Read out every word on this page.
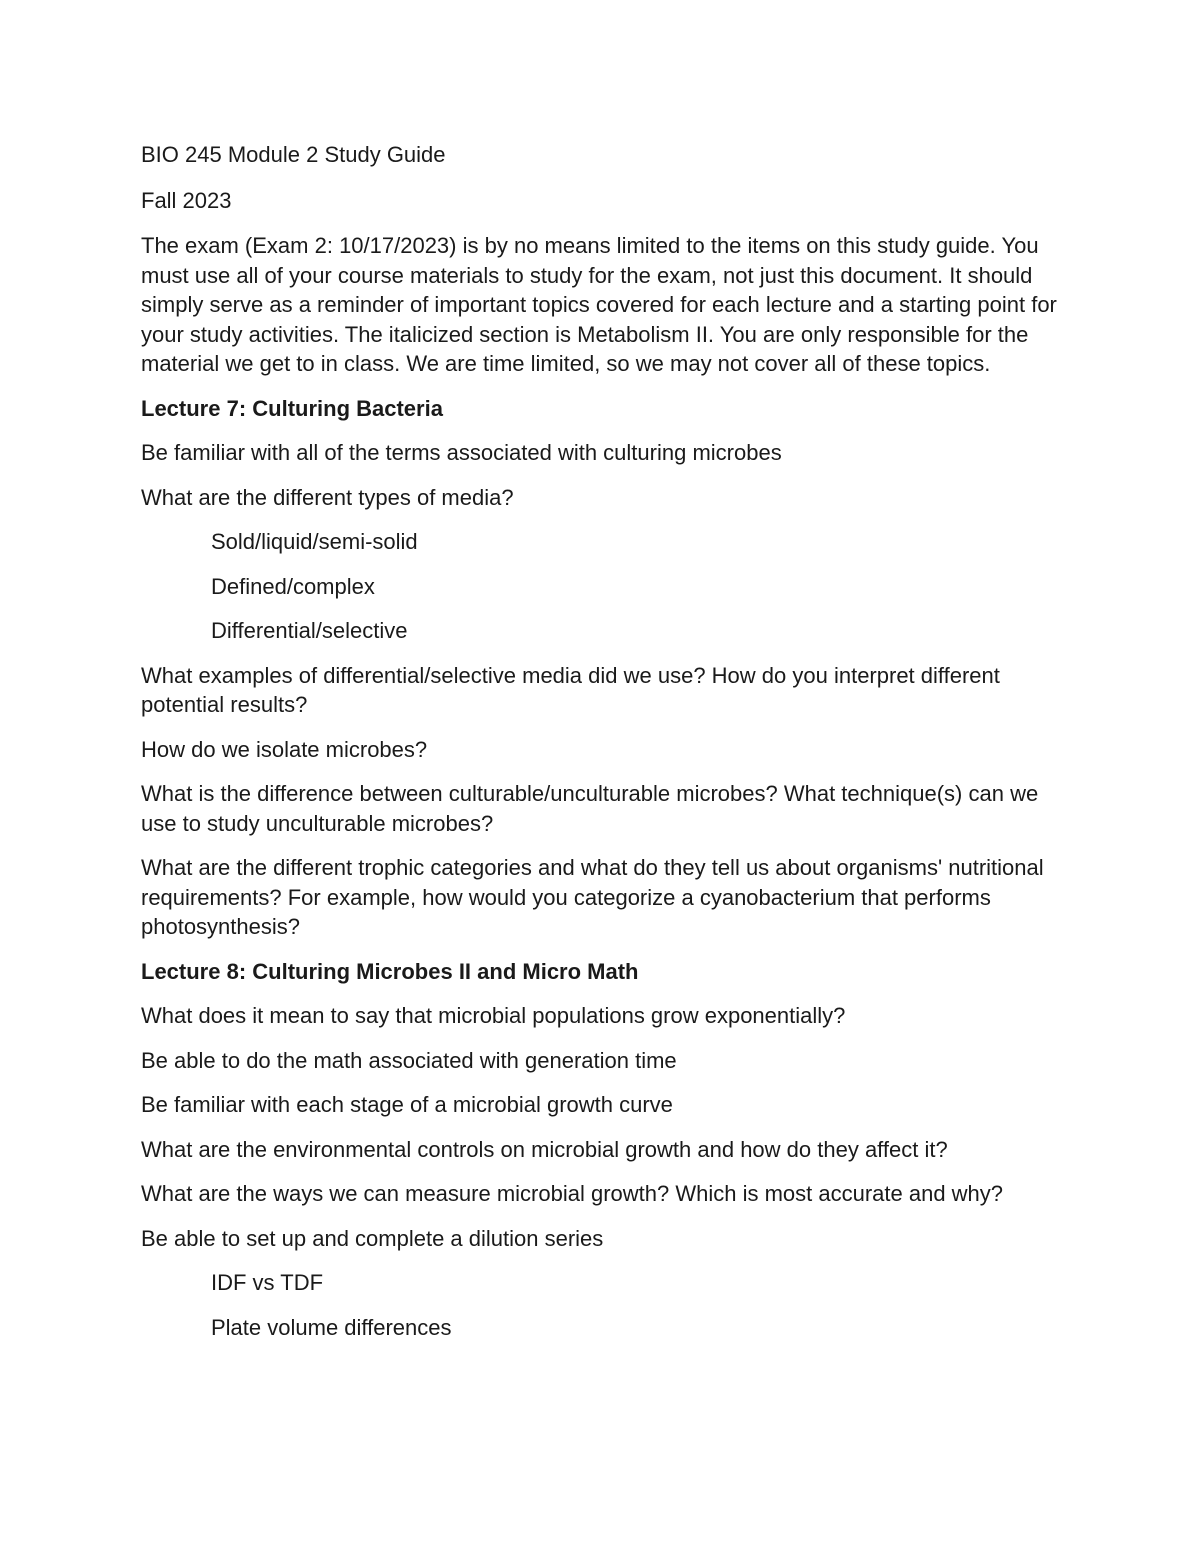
BIO 245 Module 2 Study Guide

Fall 2023

The exam (Exam 2: 10/17/2023) is by no means limited to the items on this study guide. You must use all of your course materials to study for the exam, not just this document. It should simply serve as a reminder of important topics covered for each lecture and a starting point for your study activities. The italicized section is Metabolism II. You are only responsible for the material we get to in class. We are time limited, so we may not cover all of these topics.

Lecture 7: Culturing Bacteria

Be familiar with all of the terms associated with culturing microbes

What are the different types of media?

Sold/liquid/semi-solid

Defined/complex

Differential/selective

What examples of differential/selective media did we use? How do you interpret different potential results?

How do we isolate microbes?

What is the difference between culturable/unculturable microbes? What technique(s) can we use to study unculturable microbes?

What are the different trophic categories and what do they tell us about organisms' nutritional requirements? For example, how would you categorize a cyanobacterium that performs photosynthesis?

Lecture 8: Culturing Microbes II and Micro Math

What does it mean to say that microbial populations grow exponentially?

Be able to do the math associated with generation time

Be familiar with each stage of a microbial growth curve

What are the environmental controls on microbial growth and how do they affect it?

What are the ways we can measure microbial growth? Which is most accurate and why?

Be able to set up and complete a dilution series

IDF vs TDF

Plate volume differences
